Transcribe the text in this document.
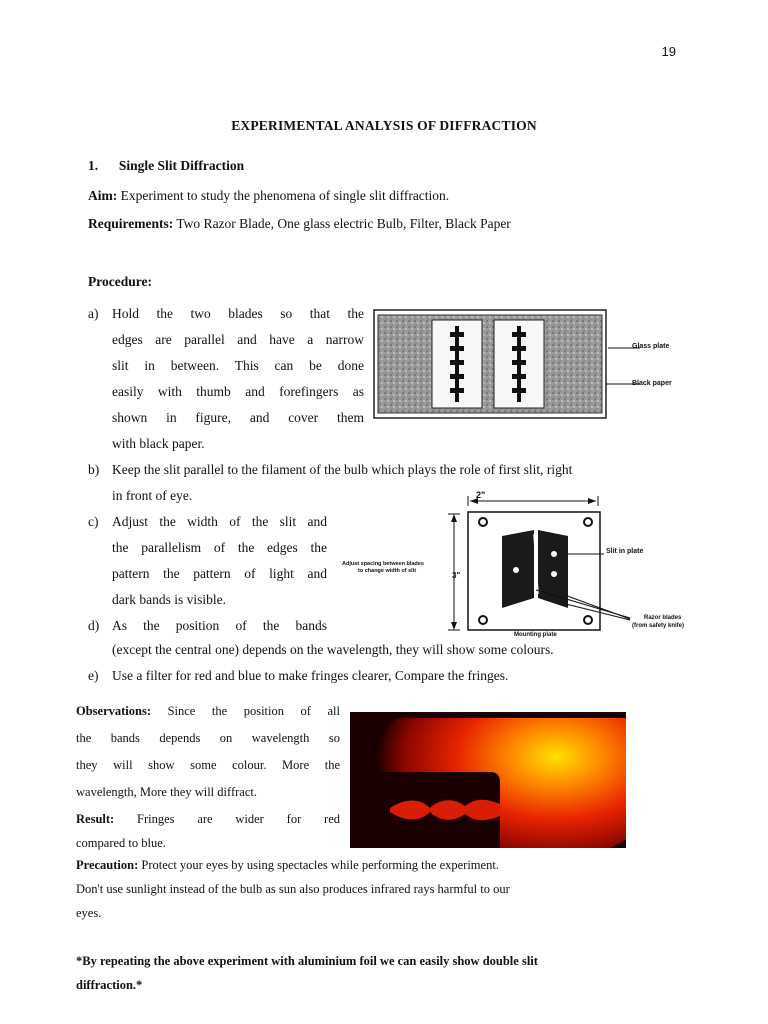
19
EXPERIMENTAL ANALYSIS OF DIFFRACTION
1. Single Slit Diffraction
Aim: Experiment to study the phenomena of single slit diffraction.
Requirements: Two Razor Blade, One glass electric Bulb, Filter, Black Paper
Procedure:
a) Hold the two blades so that the
edges are parallel and have a narrow
slit in between. This can be done
easily with thumb and forefingers as
shown in figure, and cover them
with black paper.
Glass plate
Black paper
b) Keep the slit parallel to the filament of the bulb which plays the role of first slit, right
in front of eye.
c) Adjust the width of the slit and
the parallelism of the edges the
pattern the pattern of light and
dark bands is visible.
2"
3"
Slit in plate
Adjust spacing between blades
to change width of slit
Razor blades
(from safety knife)
Mounting plate
d) As the position of the bands
(except the central one) depends on the wavelength, they will show some colours.
e) Use a filter for red and blue to make fringes clearer, Compare the fringes.
Observations: Since the position of all
the bands depends on wavelength so
they will show some colour. More the
wavelength, More they will diffract.
Result: Fringes are wider for red
compared to blue.
Precaution: Protect your eyes by using spectacles while performing the experiment.
Don't use sunlight instead of the bulb as sun also produces infrared rays harmful to our
eyes.
*By repeating the above experiment with aluminium foil we can easily show double slit
diffraction.*
